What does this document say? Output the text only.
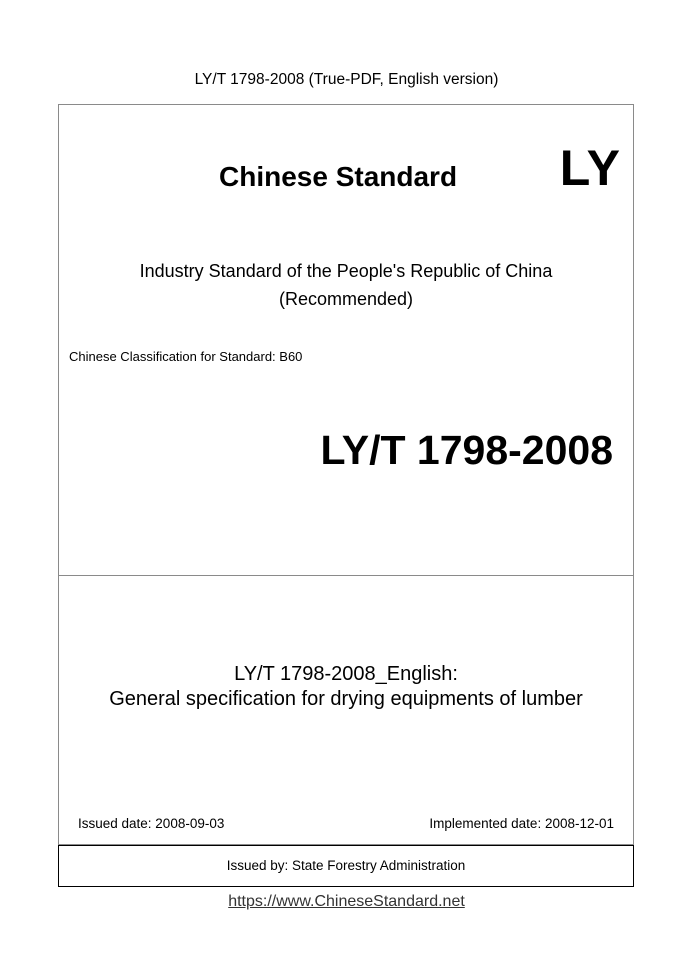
LY/T 1798-2008 (True-PDF, English version)
Chinese Standard LY
Industry Standard of the People's Republic of China
(Recommended)
Chinese Classification for Standard: B60
LY/T 1798-2008
LY/T 1798-2008_English:
General specification for drying equipments of lumber
Issued date: 2008-09-03	Implemented date: 2008-12-01
Issued by: State Forestry Administration
https://www.ChineseStandard.net
